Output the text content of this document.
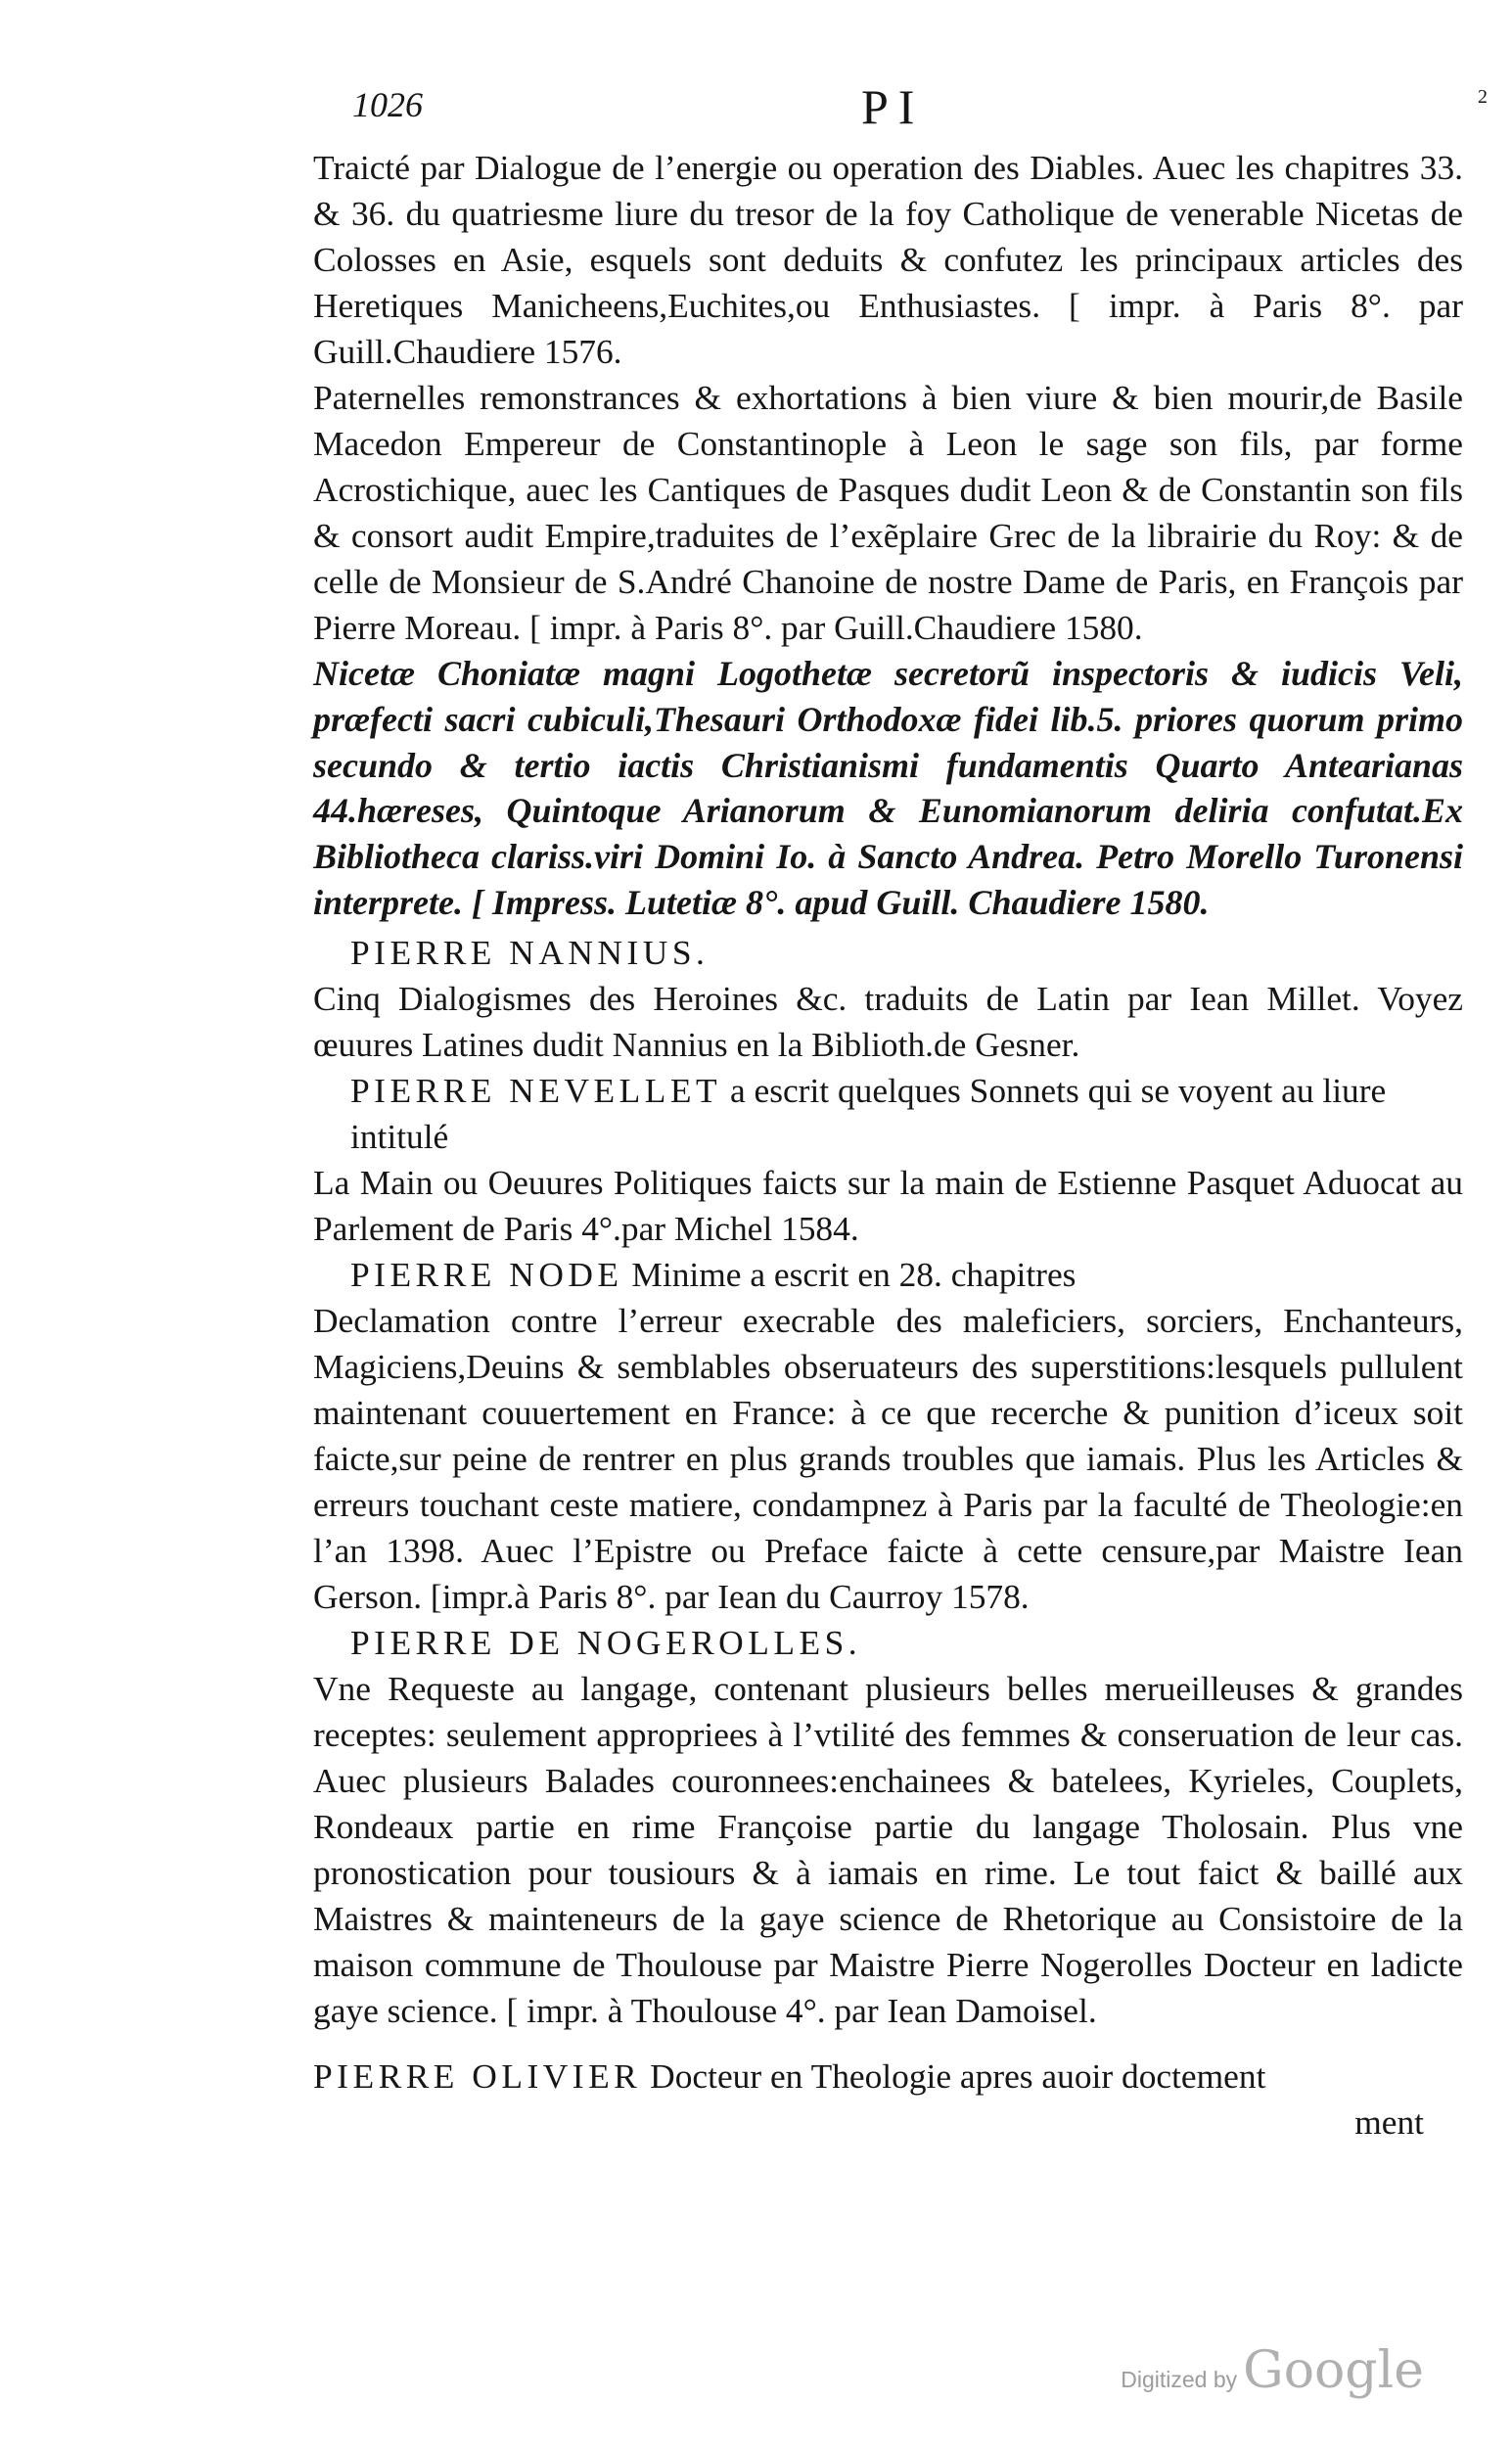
1026	PI	2

Traicté par Dialogue de l’energie ou operation des Diables. Auec les chapitres 33. & 36. du quatriesme liure du tresor de la foy Catholique de venerable Nicetas de Colosses en Asie, esquels sont deduits & confutez les principaux articles des Heretiques Manicheens,Euchites,ou Enthusiastes. [ impr. à Paris 8°. par Guill.Chaudiere 1576.

Paternelles remonstrances & exhortations à bien viure & bien mourir,de Basile Macedon Empereur de Constantinople à Leon le sage son fils, par forme Acrostichique, auec les Cantiques de Pasques dudit Leon & de Constantin son fils & consort audit Empire,traduites de l’exẽplaire Grec de la librairie du Roy: & de celle de Monsieur de S.André Chanoine de nostre Dame de Paris, en François par Pierre Moreau. [ impr. à Paris 8°. par Guill.Chaudiere 1580.

Nicetæ Choniatæ magni Logothetæ secretorũ inspectoris & iudicis Veli, præfecti sacri cubiculi,Thesauri Orthodoxæ fidei lib.5. priores quorum primo secundo & tertio iactis Christianismi fundamentis Quarto Antearianas 44.hæreses, Quintoque Arianorum & Eunomianorum deliria confutat.Ex Bibliotheca clariss.viri Domini Io. à Sancto Andrea. Petro Morello Turonensi interprete. [ Impress. Lutetiæ 8°. apud Guill. Chaudiere 1580.

PIERRE NANNIUS.

Cinq Dialogismes des Heroines &c. traduits de Latin par Iean Millet. Voyez œuures Latines dudit Nannius en la Biblioth.de Gesner.

PIERRE NEVELLET a escrit quelques Sonnets qui se voyent au liure intitulé

La Main ou Oeuures Politiques faicts sur la main de Estienne Pasquet Aduocat au Parlement de Paris 4°.par Michel 1584.

PIERRE NODE Minime a escrit en 28. chapitres

Declamation contre l’erreur execrable des maleficiers, sorciers, Enchanteurs, Magiciens,Deuins & semblables obseruateurs des superstitions:lesquels pullulent maintenant couuertement en France: à ce que recerche & punition d’iceux soit faicte,sur peine de rentrer en plus grands troubles que iamais. Plus les Articles & erreurs touchant ceste matiere, condampnez à Paris par la faculté de Theologie:en l’an 1398. Auec l’Epistre ou Preface faicte à cette censure,par Maistre Iean Gerson. [impr.à Paris 8°. par Iean du Caurroy 1578.

PIERRE DE NOGEROLLES.

Vne Requeste au langage, contenant plusieurs belles merueilleuses & grandes receptes: seulement appropriees à l’vtilité des femmes & conseruation de leur cas. Auec plusieurs Balades couronnees:enchainees & batelees, Kyrieles, Couplets, Rondeaux partie en rime Françoise partie du langage Tholosain. Plus vne pronostication pour tousiours & à iamais en rime. Le tout faict & baillé aux Maistres & mainteneurs de la gaye science de Rhetorique au Consistoire de la maison commune de Thoulouse par Maistre Pierre Nogerolles Docteur en ladicte gaye science. [ impr. à Thoulouse 4°. par Iean Damoisel.

PIERRE OLIVIER Docteur en Theologie apres auoir doctement

ment

Digitized by Google
